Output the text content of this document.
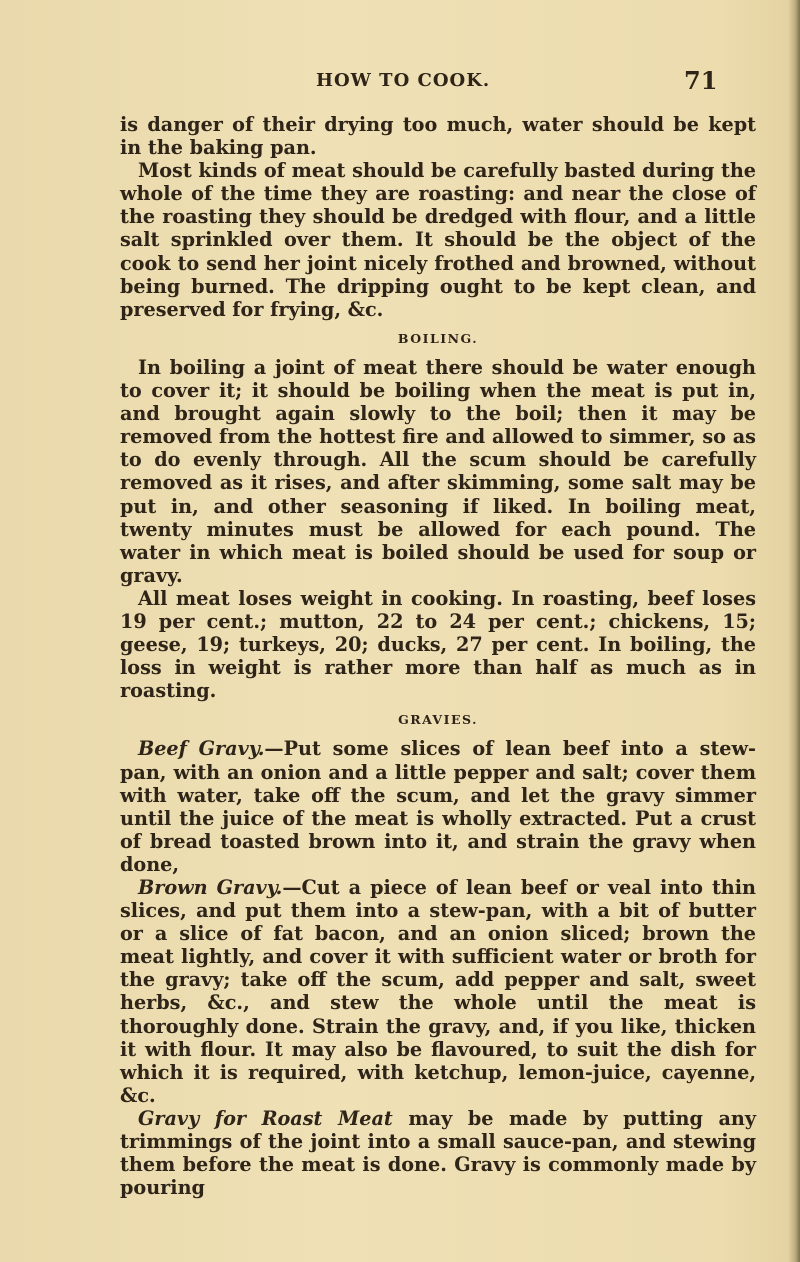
HOW TO COOK.	71

is danger of their drying too much, water should be kept in the baking pan.

Most kinds of meat should be carefully basted during the whole of the time they are roasting: and near the close of the roasting they should be dredged with flour, and a little salt sprinkled over them. It should be the object of the cook to send her joint nicely frothed and browned, without being burned. The dripping ought to be kept clean, and preserved for frying, &c.

BOILING.

In boiling a joint of meat there should be water enough to cover it; it should be boiling when the meat is put in, and brought again slowly to the boil; then it may be removed from the hottest fire and allowed to simmer, so as to do evenly through. All the scum should be carefully removed as it rises, and after skimming, some salt may be put in, and other seasoning if liked. In boiling meat, twenty minutes must be allowed for each pound. The water in which meat is boiled should be used for soup or gravy.

All meat loses weight in cooking. In roasting, beef loses 19 per cent.; mutton, 22 to 24 per cent.; chickens, 15; geese, 19; turkeys, 20; ducks, 27 per cent. In boiling, the loss in weight is rather more than half as much as in roasting.

GRAVIES.

Beef Gravy.—Put some slices of lean beef into a stew-pan, with an onion and a little pepper and salt; cover them with water, take off the scum, and let the gravy simmer until the juice of the meat is wholly extracted. Put a crust of bread toasted brown into it, and strain the gravy when done,

Brown Gravy.—Cut a piece of lean beef or veal into thin slices, and put them into a stew-pan, with a bit of butter or a slice of fat bacon, and an onion sliced; brown the meat lightly, and cover it with sufficient water or broth for the gravy; take off the scum, add pepper and salt, sweet herbs, &c., and stew the whole until the meat is thoroughly done. Strain the gravy, and, if you like, thicken it with flour. It may also be flavoured, to suit the dish for which it is required, with ketchup, lemon-juice, cayenne, &c.

Gravy for Roast Meat may be made by putting any trimmings of the joint into a small sauce-pan, and stewing them before the meat is done. Gravy is commonly made by pouring
